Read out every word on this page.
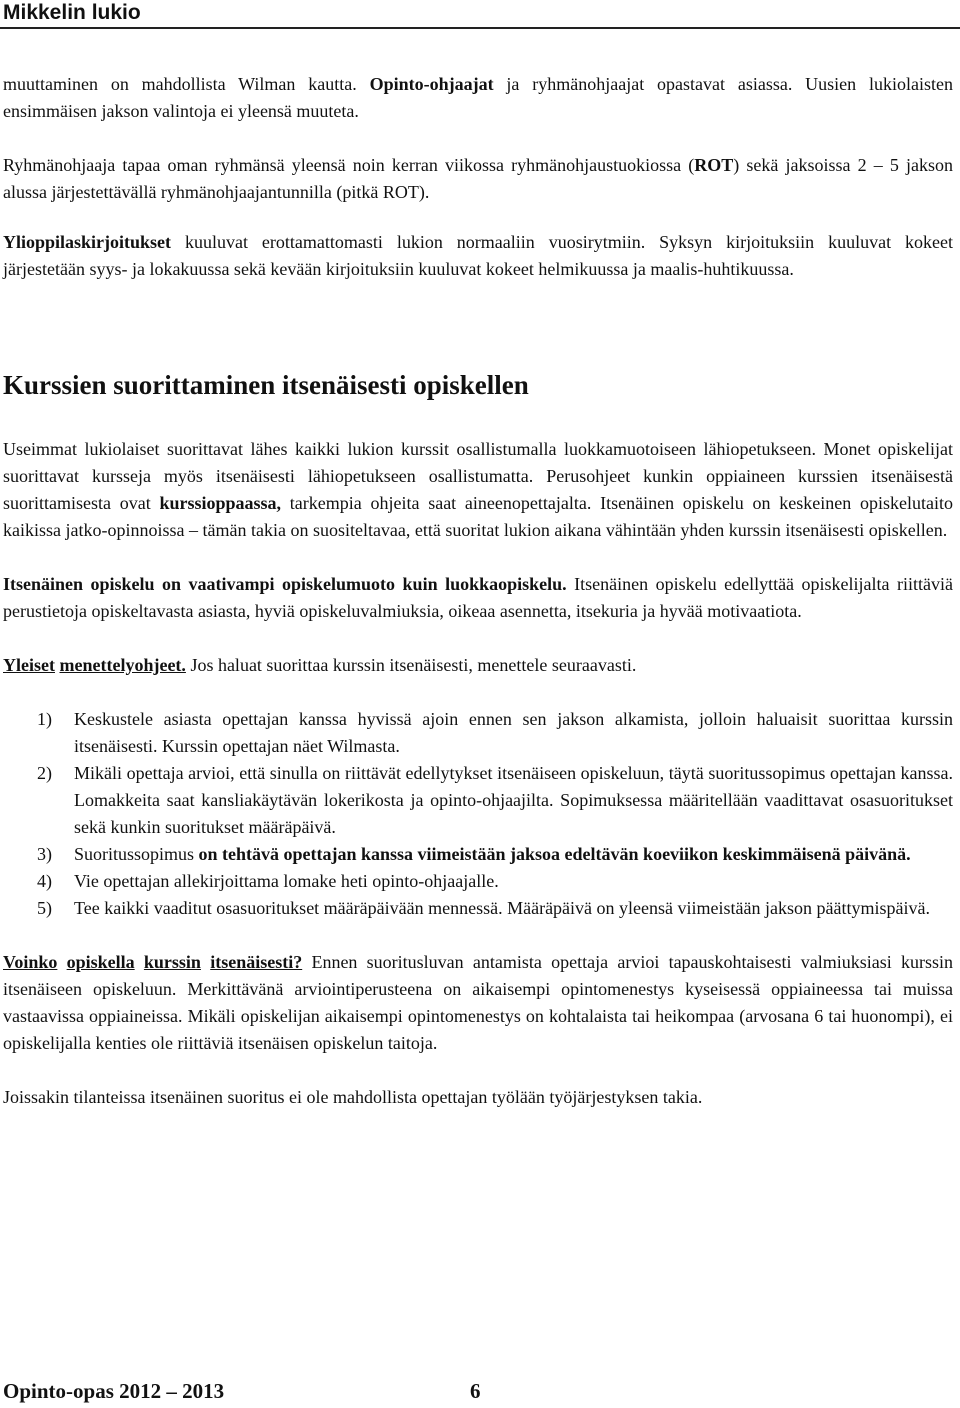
Mikkelin lukio

muuttaminen on mahdollista Wilman kautta. Opinto-ohjaajat ja ryhmänohjaajat opastavat asiassa. Uusien lukiolaisten ensimmäisen jakson valintoja ei yleensä muuteta.

Ryhmänohjaaja tapaa oman ryhmänsä yleensä noin kerran viikossa ryhmänohjaustuokiossa (ROT) sekä jaksoissa 2 – 5 jakson alussa järjestettävällä ryhmänohjaajantunnilla (pitkä ROT).

Ylioppilaskirjoitukset kuuluvat erottamattomasti lukion normaaliin vuosirytmiin. Syksyn kirjoituksiin kuuluvat kokeet järjestetään syys- ja lokakuussa sekä kevään kirjoituksiin kuuluvat kokeet helmikuussa ja maalis-huhtikuussa.

Kurssien suorittaminen itsenäisesti opiskellen

Useimmat lukiolaiset suorittavat lähes kaikki lukion kurssit osallistumalla luokkamuotoiseen lähiopetukseen. Monet opiskelijat suorittavat kursseja myös itsenäisesti lähiopetukseen osallistumatta. Perusohjeet kunkin oppiaineen kurssien itsenäisestä suorittamisesta ovat kurssioppaassa, tarkempia ohjeita saat aineenopettajalta. Itsenäinen opiskelu on keskeinen opiskelutaito kaikissa jatko-opinnoissa – tämän takia on suositeltavaa, että suoritat lukion aikana vähintään yhden kurssin itsenäisesti opiskellen.

Itsenäinen opiskelu on vaativampi opiskelumuoto kuin luokkaopiskelu. Itsenäinen opiskelu edellyttää opiskelijalta riittäviä perustietoja opiskeltavasta asiasta, hyviä opiskeluvalmiuksia, oikeaa asennetta, itsekuria ja hyvää motivaatiota.

Yleiset menettelyohjeet. Jos haluat suorittaa kurssin itsenäisesti, menettele seuraavasti.

1) Keskustele asiasta opettajan kanssa hyvissä ajoin ennen sen jakson alkamista, jolloin haluaisit suorittaa kurssin itsenäisesti. Kurssin opettajan näet Wilmasta.
2) Mikäli opettaja arvioi, että sinulla on riittävät edellytykset itsenäiseen opiskeluun, täytä suoritussopimus opettajan kanssa. Lomakkeita saat kansliakäytävän lokerikosta ja opinto-ohjaajilta. Sopimuksessa määritellään vaadittavat osasuoritukset sekä kunkin suoritukset määräpäivä.
3) Suoritussopimus on tehtävä opettajan kanssa viimeistään jaksoa edeltävän koeviikon keskimmäisenä päivänä.
4) Vie opettajan allekirjoittama lomake heti opinto-ohjaajalle.
5) Tee kaikki vaaditut osasuoritukset määräpäivään mennessä. Määräpäivä on yleensä viimeistään jakson päättymispäivä.

Voinko opiskella kurssin itsenäisesti? Ennen suoritusluvan antamista opettaja arvioi tapauskohtaisesti valmiuksiasi kurssin itsenäiseen opiskeluun. Merkittävänä arviointiperusteena on aikaisempi opintomenestys kyseisessä oppiaineessa tai muissa vastaavissa oppiaineissa. Mikäli opiskelijan aikaisempi opintomenestys on kohtalaista tai heikompaa (arvosana 6 tai huonompi), ei opiskelijalla kenties ole riittäviä itsenäisen opiskelun taitoja.

Joissakin tilanteissa itsenäinen suoritus ei ole mahdollista opettajan työlään työjärjestyksen takia.

Opinto-opas 2012 – 2013	6
